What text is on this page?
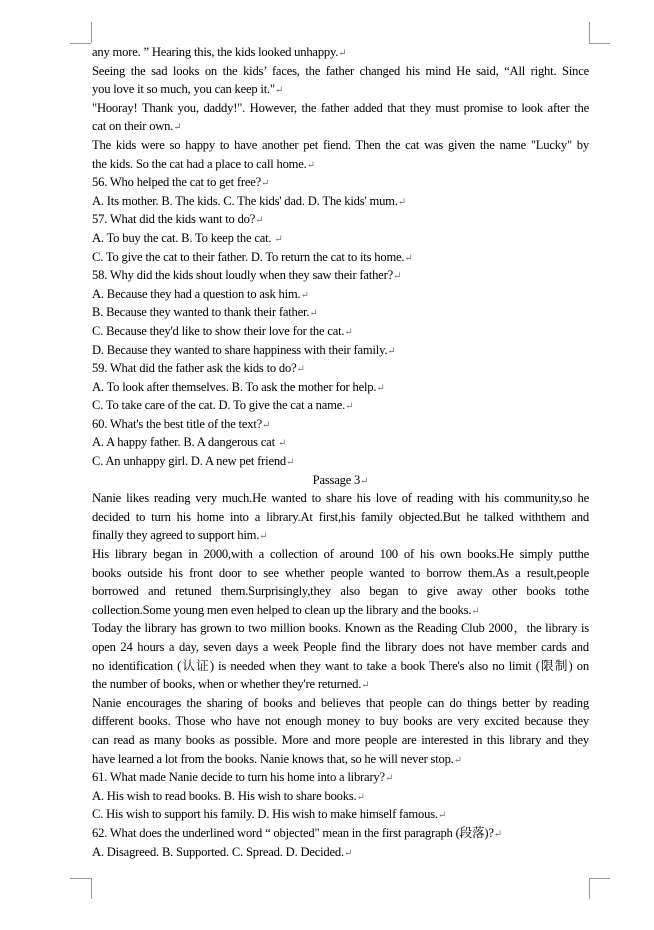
any more. ” Hearing this, the kids looked unhappy.↵
Seeing the sad looks on the kids’ faces, the father changed his mind He said, “All right. Since
you love it so much, you can keep it."↵
"Hooray! Thank you, daddy!". However, the father added that they must promise to look after the
cat on their own.↵
The kids were so happy to have another pet fiend. Then the cat was given the name "Lucky" by
the kids. So the cat had a place to call home.↵
56. Who helped the cat to get free?↵
A. Its mother. B. The kids. C. The kids' dad. D. The kids' mum.↵
57. What did the kids want to do?↵
A. To buy the cat. B. To keep the cat. ↵
C. To give the cat to their father. D. To return the cat to its home.↵
58. Why did the kids shout loudly when they saw their father?↵
A. Because they had a question to ask him.↵
B. Because they wanted to thank their father.↵
C. Because they'd like to show their love for the cat.↵
D. Because they wanted to share happiness with their family.↵
59. What did the father ask the kids to do?↵
A. To look after themselves. B. To ask the mother for help.↵
C. To take care of the cat. D. To give the cat a name.↵
60. What's the best title of the text?↵
A. A happy father. B. A dangerous cat ↵
C. An unhappy girl. D. A new pet friend↵
Passage 3↵
Nanie likes reading very much.He wanted to share his love of reading with his community,so he
decided to turn his home into a library.At first,his family objected.But he talked withthem and
finally they agreed to support him.↵
His library began in 2000,with a collection of around 100 of his own books.He simply putthe
books outside his front door to see whether people wanted to borrow them.As a result,people
borrowed and retuned them.Surprisingly,they also began to give away other books tothe
collection.Some young men even helped to clean up the library and the books.↵
Today the library has grown to two million books. Known as the Reading Club 2000，the library is
open 24 hours a day, seven days a week People find the library does not have member cards and
no identification (认证) is needed when they want to take a book There's also no limit (限制) on
the number of books, when or whether they're returned.↵
Nanie encourages the sharing of books and believes that people can do things better by reading
different books. Those who have not enough money to buy books are very excited because they
can read as many books as possible. More and more people are interested in this library and they
have learned a lot from the books. Nanie knows that, so he will never stop.↵
61. What made Nanie decide to turn his home into a library?↵
A. His wish to read books. B. His wish to share books.↵
C. His wish to support his family. D. His wish to make himself famous.↵
62. What does the underlined word “ objected" mean in the first paragraph (段落)?↵
A. Disagreed. B. Supported. C. Spread. D. Decided.↵
